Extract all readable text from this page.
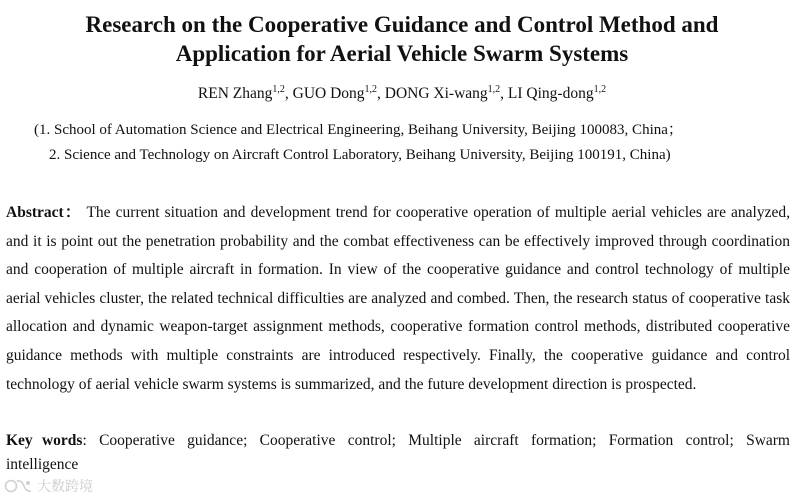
Research on the Cooperative Guidance and Control Method and
Application for Aerial Vehicle Swarm Systems
REN Zhang$^{1,2}$, GUO Dong$^{1,2}$, DONG Xi-wang$^{1,2}$, LI Qing-dong$^{1,2}$
(1. School of Automation Science and Electrical Engineering, Beihang University, Beijing 100083, China；
2. Science and Technology on Aircraft Control Laboratory, Beihang University, Beijing 100191, China)
Abstract： The current situation and development trend for cooperative operation of multiple aerial vehicles are analyzed, and it is point out the penetration probability and the combat effectiveness can be effectively improved through coordination and cooperation of multiple aircraft in formation. In view of the cooperative guidance and control technology of multiple aerial vehicles cluster, the related technical difficulties are analyzed and combed. Then, the research status of cooperative task allocation and dynamic weapon-target assignment methods, cooperative formation control methods, distributed cooperative guidance methods with multiple constraints are introduced respectively. Finally, the cooperative guidance and control technology of aerial vehicle swarm systems is summarized, and the future development direction is prospected.
Key words: Cooperative guidance; Cooperative control; Multiple aircraft formation; Formation control; Swarm intelligence
大数跨境
